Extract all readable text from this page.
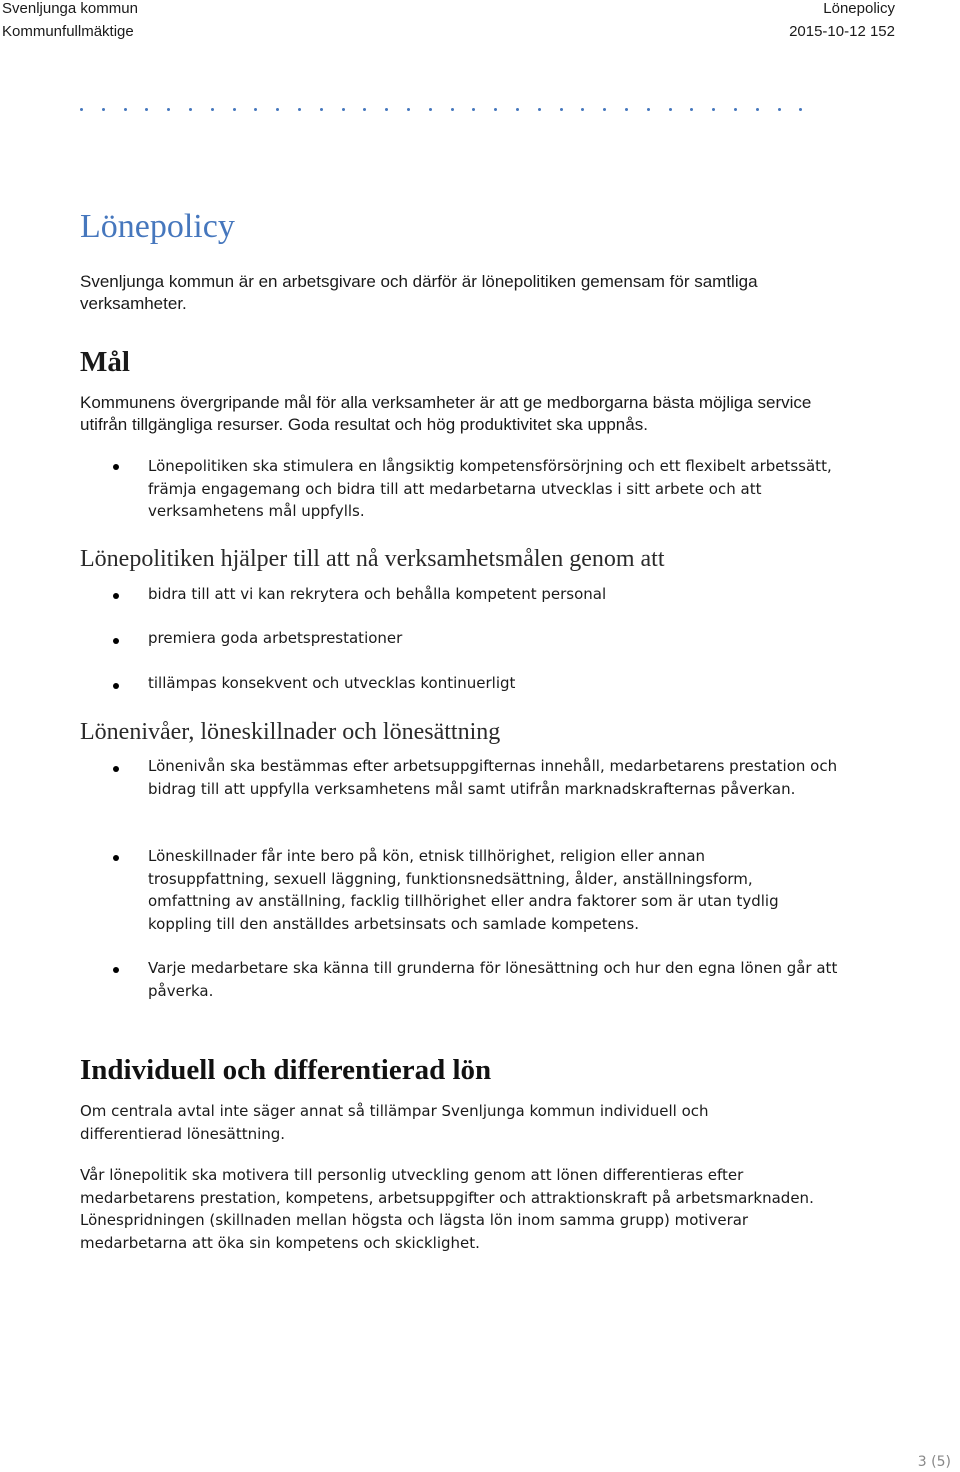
Svenljunga kommun
Kommunfullmäktige
Lönepolicy
2015-10-12 152
Lönepolicy

Svenljunga kommun är en arbetsgivare och därför är lönepolitiken gemensam för samtliga verksamheter.

Mål

Kommunens övergripande mål för alla verksamheter är att ge medborgarna bästa möjliga service utifrån tillgängliga resurser. Goda resultat och hög produktivitet ska uppnås.

Lönepolitiken ska stimulera en långsiktig kompetensförsörjning och ett flexibelt arbetssätt, främja engagemang och bidra till att medarbetarna utvecklas i sitt arbete och att verksamhetens mål uppfylls.

Lönepolitiken hjälper till att nå verksamhetsmålen genom att

bidra till att vi kan rekrytera och behålla kompetent personal

premiera goda arbetsprestationer

tillämpas konsekvent och utvecklas kontinuerligt

Lönenivåer, löneskillnader och lönesättning

Lönenivån ska bestämmas efter arbetsuppgifternas innehåll, medarbetarens prestation och bidrag till att uppfylla verksamhetens mål samt utifrån marknadskrafternas påverkan.

Löneskillnader får inte bero på kön, etnisk tillhörighet, religion eller annan trosuppfattning, sexuell läggning, funktionsnedsättning, ålder, anställningsform, omfattning av anställning, facklig tillhörighet eller andra faktorer som är utan tydlig koppling till den anställdes arbetsinsats och samlade kompetens.

Varje medarbetare ska känna till grunderna för lönesättning och hur den egna lönen går att påverka.

Individuell och differentierad lön

Om centrala avtal inte säger annat så tillämpar Svenljunga kommun individuell och differentierad lönesättning.

Vår lönepolitik ska motivera till personlig utveckling genom att lönen differentieras efter medarbetarens prestation, kompetens, arbetsuppgifter och attraktionskraft på arbetsmarknaden. Lönespridningen (skillnaden mellan högsta och lägsta lön inom samma grupp) motiverar medarbetarna att öka sin kompetens och skicklighet.

3 (5)
